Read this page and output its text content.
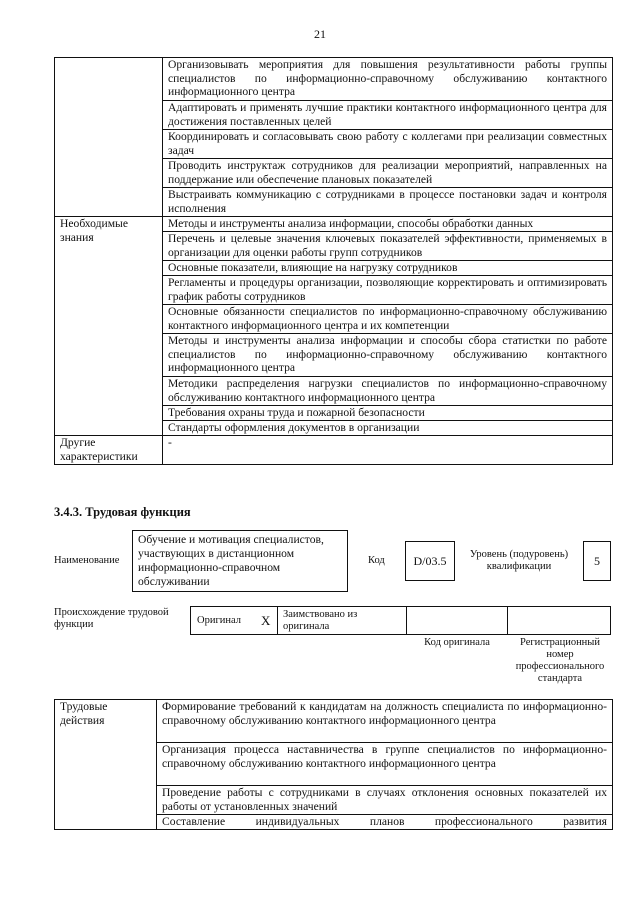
21
	Организовывать мероприятия для повышения результативности работы группы специалистов по информационно-справочному обслуживанию контактного информационного центра
	Адаптировать и применять лучшие практики контактного информационного центра для достижения поставленных целей
	Координировать и согласовывать свою работу с коллегами при реализации совместных задач
	Проводить инструктаж сотрудников для реализации мероприятий, направленных на поддержание или обеспечение плановых показателей
	Выстраивать коммуникацию с сотрудниками в процессе постановки задач и контроля исполнения
Необходимые знания	Методы и инструменты анализа информации, способы обработки данных
	Перечень и целевые значения ключевых показателей эффективности, применяемых в организации для оценки работы групп сотрудников
	Основные показатели, влияющие на нагрузку сотрудников
	Регламенты и процедуры организации, позволяющие корректировать и оптимизировать график работы сотрудников
	Основные обязанности специалистов по информационно-справочному обслуживанию контактного информационного центра и их компетенции
	Методы и инструменты анализа информации и способы сбора статистки по работе специалистов по информационно-справочному обслуживанию контактного информационного центра
	Методики распределения нагрузки специалистов по информационно-справочному обслуживанию контактного информационного центра
	Требования охраны труда и пожарной безопасности
	Стандарты оформления документов в организации
Другие характеристики	-
3.4.3. Трудовая функция
Наименование
Обучение и мотивация специалистов, участвующих в дистанционном информационно-справочном обслуживании
Код	D/03.5	Уровень (подуровень) квалификации	5
Происхождение трудовой функции	Оригинал X Заимствовано из оригинала
Код оригинала	Регистрационный номер профессионального стандарта
Трудовые действия	Формирование требований к кандидатам на должность специалиста по информационно-справочному обслуживанию контактного информационного центра
Организация процесса наставничества в группе специалистов по информационно-справочному обслуживанию контактного информационного центра
Проведение работы с сотрудниками в случаях отклонения основных показателей их работы от установленных значений
Составление индивидуальных планов профессионального развития
